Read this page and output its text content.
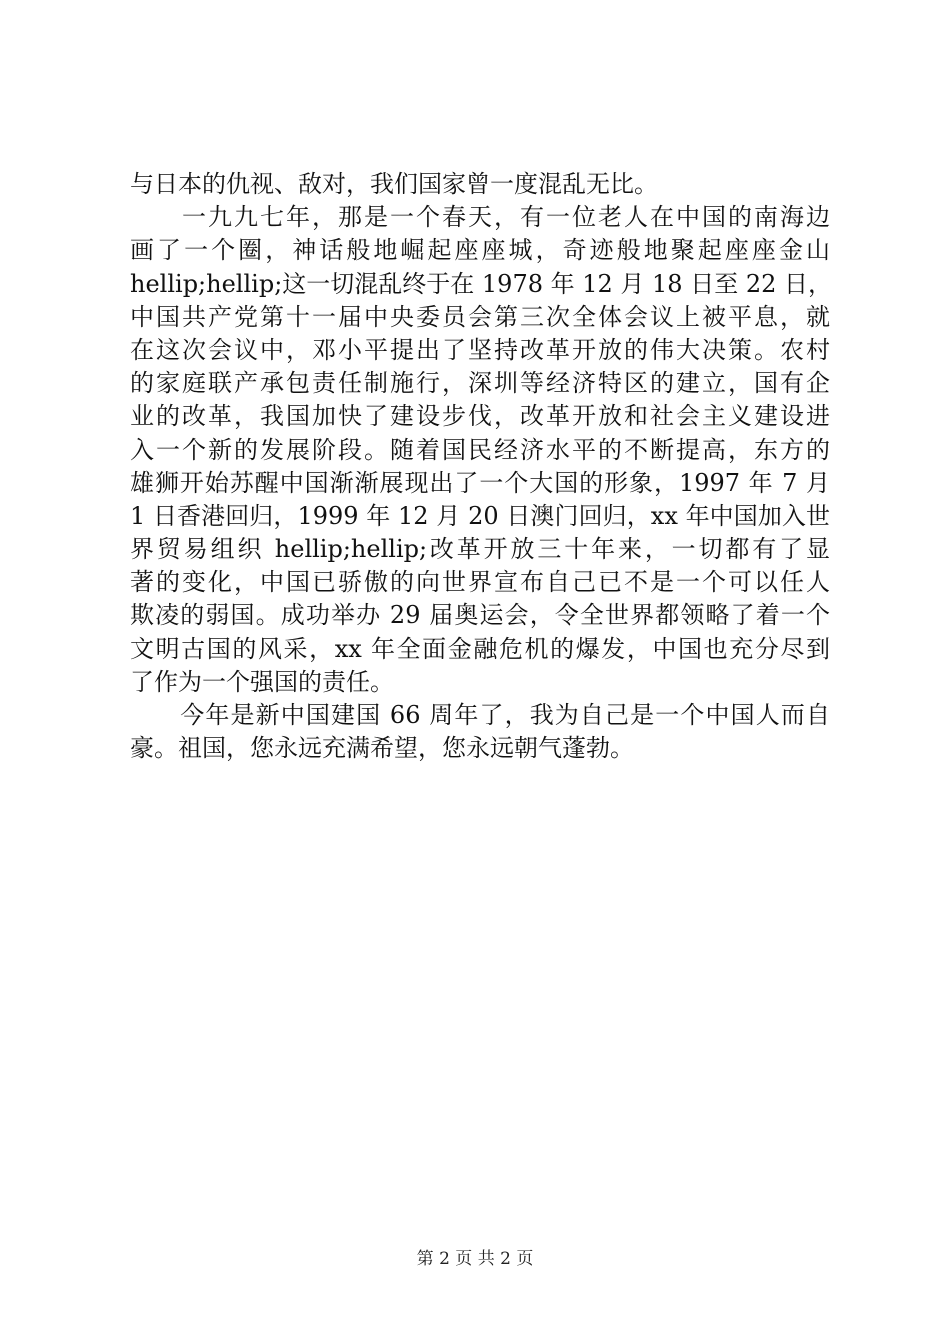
与日本的仇视、敌对，我们国家曾一度混乱无比。
　　一九九七年，那是一个春天，有一位老人在中国的南海边
画了一个圈，神话般地崛起座座城，奇迹般地聚起座座金山
hellip;hellip;这一切混乱终于在 1978 年 12 月 18 日至 22 日，
中国共产党第十一届中央委员会第三次全体会议上被平息，就
在这次会议中，邓小平提出了坚持改革开放的伟大决策。农村
的家庭联产承包责任制施行，深圳等经济特区的建立，国有企
业的改革，我国加快了建设步伐，改革开放和社会主义建设进
入一个新的发展阶段。随着国民经济水平的不断提高，东方的
雄狮开始苏醒中国渐渐展现出了一个大国的形象，1997 年 7 月
1 日香港回归，1999 年 12 月 20 日澳门回归，xx 年中国加入世
界贸易组织 hellip;hellip;改革开放三十年来，一切都有了显
著的变化，中国已骄傲的向世界宣布自己已不是一个可以任人
欺凌的弱国。成功举办 29 届奥运会，令全世界都领略了着一个
文明古国的风采，xx 年全面金融危机的爆发，中国也充分尽到
了作为一个强国的责任。
　　今年是新中国建国 66 周年了，我为自己是一个中国人而自
豪。祖国，您永远充满希望，您永远朝气蓬勃。
第 2 页 共 2 页
